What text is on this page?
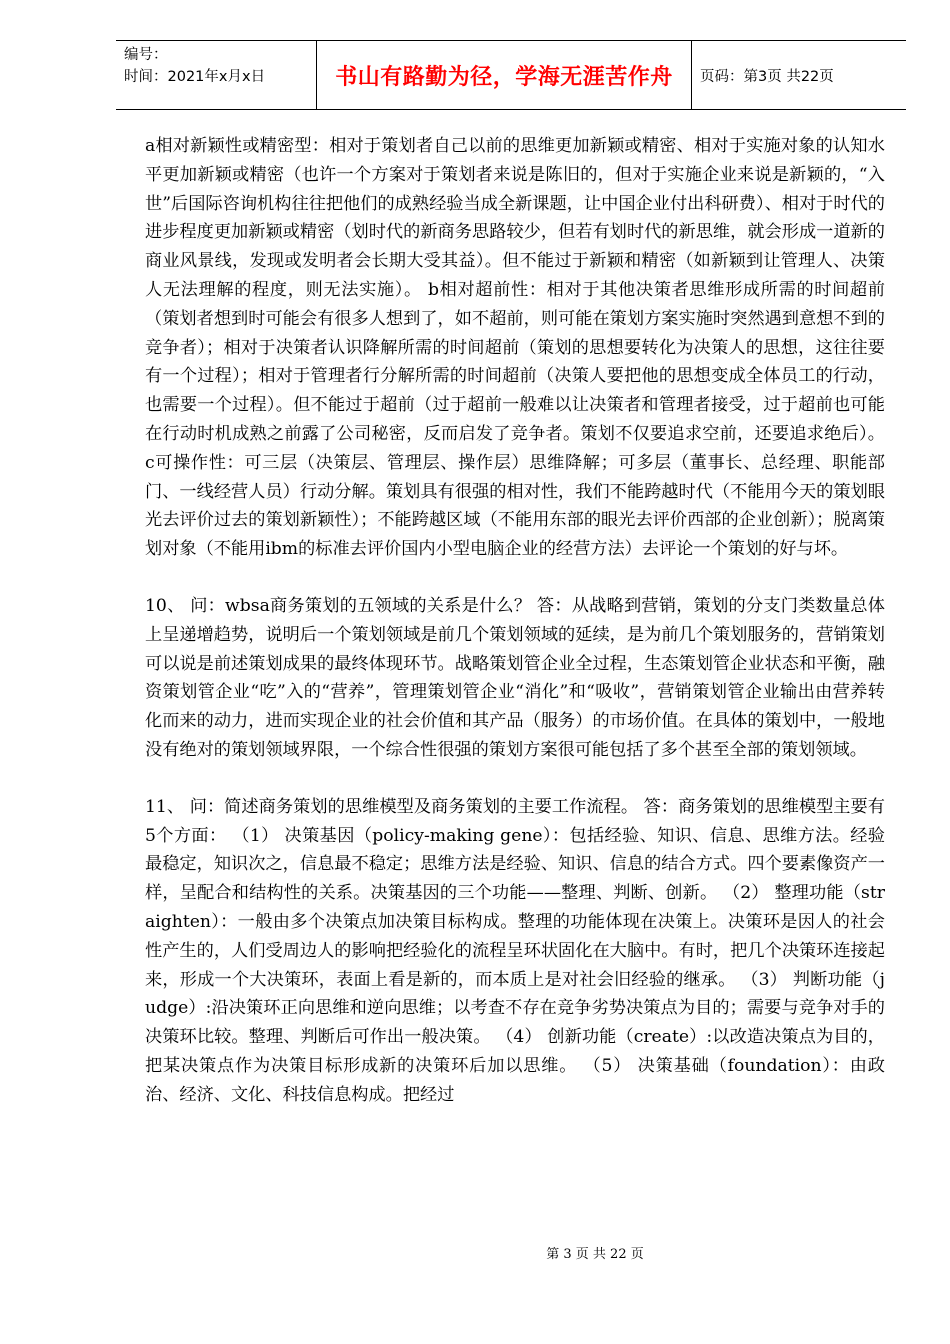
编号：
时间：2021年x月x日	书山有路勤为径，学海无涯苦作舟	页码：第3页 共22页

a相对新颖性或精密型：相对于策划者自己以前的思维更加新颖或精密、相对于实施对象的认知水平更加新颖或精密（也许一个方案对于策划者来说是陈旧的，但对于实施企业来说是新颖的，“入世”后国际咨询机构往往把他们的成熟经验当成全新课题，让中国企业付出科研费）、相对于时代的进步程度更加新颖或精密（划时代的新商务思路较少，但若有划时代的新思维，就会形成一道新的商业风景线，发现或发明者会长期大受其益）。但不能过于新颖和精密（如新颖到让管理人、决策人无法理解的程度，则无法实施）。 b相对超前性：相对于其他决策者思维形成所需的时间超前（策划者想到时可能会有很多人想到了，如不超前，则可能在策划方案实施时突然遇到意想不到的竞争者）；相对于决策者认识降解所需的时间超前（策划的思想要转化为决策人的思想，这往往要有一个过程）；相对于管理者行分解所需的时间超前（决策人要把他的思想变成全体员工的行动，也需要一个过程）。但不能过于超前（过于超前一般难以让决策者和管理者接受，过于超前也可能在行动时机成熟之前露了公司秘密，反而启发了竞争者。策划不仅要追求空前，还要追求绝后）。 c可操作性：可三层（决策层、管理层、操作层）思维降解；可多层（董事长、总经理、职能部门、一线经营人员）行动分解。策划具有很强的相对性，我们不能跨越时代（不能用今天的策划眼光去评价过去的策划新颖性）；不能跨越区域（不能用东部的眼光去评价西部的企业创新）；脱离策划对象（不能用ibm的标准去评价国内小型电脑企业的经营方法）去评论一个策划的好与坏。

10、 问：wbsa商务策划的五领域的关系是什么？ 答：从战略到营销，策划的分支门类数量总体上呈递增趋势，说明后一个策划领域是前几个策划领域的延续，是为前几个策划服务的，营销策划可以说是前述策划成果的最终体现环节。战略策划管企业全过程，生态策划管企业状态和平衡，融资策划管企业“吃”入的“营养”，管理策划管企业“消化”和“吸收”，营销策划管企业输出由营养转化而来的动力，进而实现企业的社会价值和其产品（服务）的市场价值。在具体的策划中，一般地没有绝对的策划领域界限，一个综合性很强的策划方案很可能包括了多个甚至全部的策划领域。

11、 问：简述商务策划的思维模型及商务策划的主要工作流程。 答：商务策划的思维模型主要有5个方面： （1） 决策基因（policy-making gene）：包括经验、知识、信息、思维方法。经验最稳定，知识次之，信息最不稳定；思维方法是经验、知识、信息的结合方式。四个要素像资产一样，呈配合和结构性的关系。决策基因的三个功能——整理、判断、创新。 （2） 整理功能（straighten）：一般由多个决策点加决策目标构成。整理的功能体现在决策上。决策环是因人的社会性产生的，人们受周边人的影响把经验化的流程呈环状固化在大脑中。有时，把几个决策环连接起来，形成一个大决策环，表面上看是新的，而本质上是对社会旧经验的继承。 （3） 判断功能（judge）:沿决策环正向思维和逆向思维；以考查不存在竞争劣势决策点为目的；需要与竞争对手的决策环比较。整理、判断后可作出一般决策。 （4） 创新功能（create）:以改造决策点为目的，把某决策点作为决策目标形成新的决策环后加以思维。 （5） 决策基础（foundation）：由政治、经济、文化、科技信息构成。把经过

第 3 页 共 22 页
